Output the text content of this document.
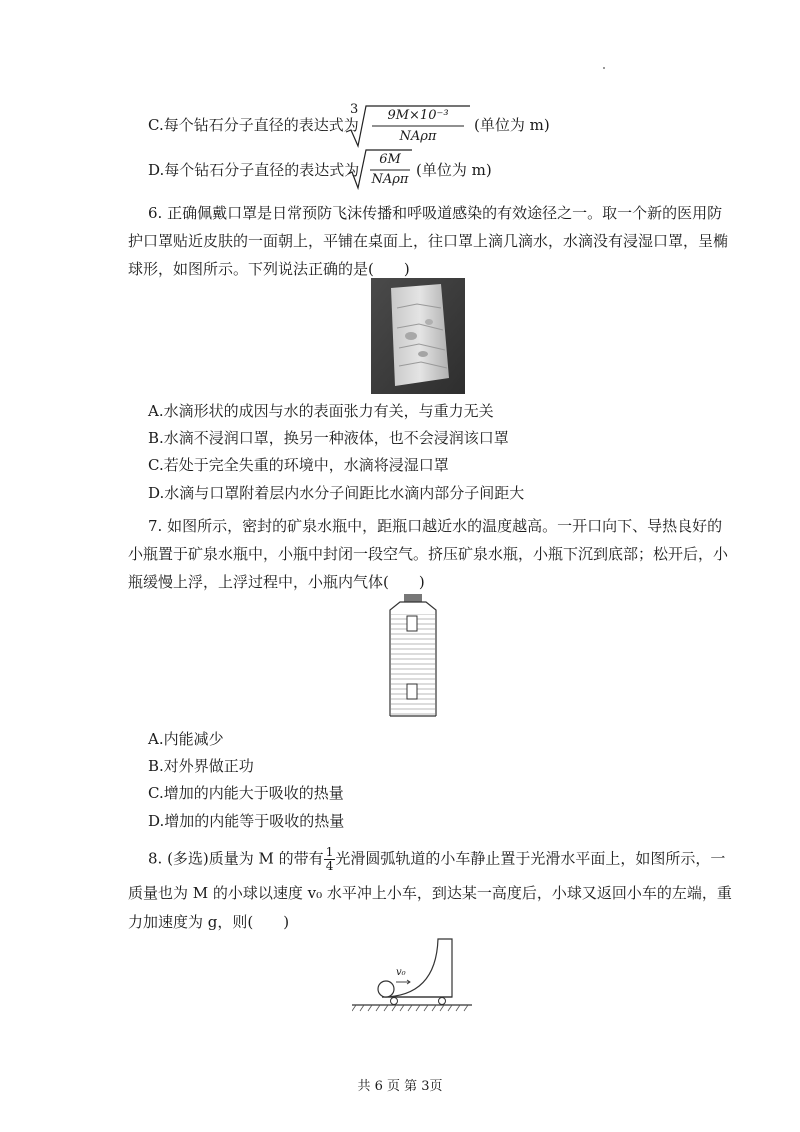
C.每个钻石分子直径的表达式为
3	9M×10⁻³
NAρπ
(单位为 m)
D.每个钻石分子直径的表达式为
6M
NAρπ
(单位为 m)
6. 正确佩戴口罩是日常预防飞沫传播和呼吸道感染的有效途径之一。取一个新的医用防
护口罩贴近皮肤的一面朝上，平铺在桌面上，往口罩上滴几滴水，水滴没有浸湿口罩，呈椭
球形，如图所示。下列说法正确的是(　　)
A.水滴形状的成因与水的表面张力有关，与重力无关
B.水滴不浸润口罩，换另一种液体，也不会浸润该口罩
C.若处于完全失重的环境中，水滴将浸湿口罩
D.水滴与口罩附着层内水分子间距比水滴内部分子间距大
7. 如图所示，密封的矿泉水瓶中，距瓶口越近水的温度越高。一开口向下、导热良好的
小瓶置于矿泉水瓶中，小瓶中封闭一段空气。挤压矿泉水瓶，小瓶下沉到底部；松开后，小
瓶缓慢上浮，上浮过程中，小瓶内气体(　　)
A.内能减少
B.对外界做正功
C.增加的内能大于吸收的热量
D.增加的内能等于吸收的热量
8. (多选)质量为 M 的带有 $\frac{1}{4}$ 光滑圆弧轨道的小车静止置于光滑水平面上，如图所示，一
质量也为 M 的小球以速度 v₀ 水平冲上小车，到达某一高度后，小球又返回小车的左端，重
力加速度为 g，则(　　)
v₀
共 6 页 第 3页
